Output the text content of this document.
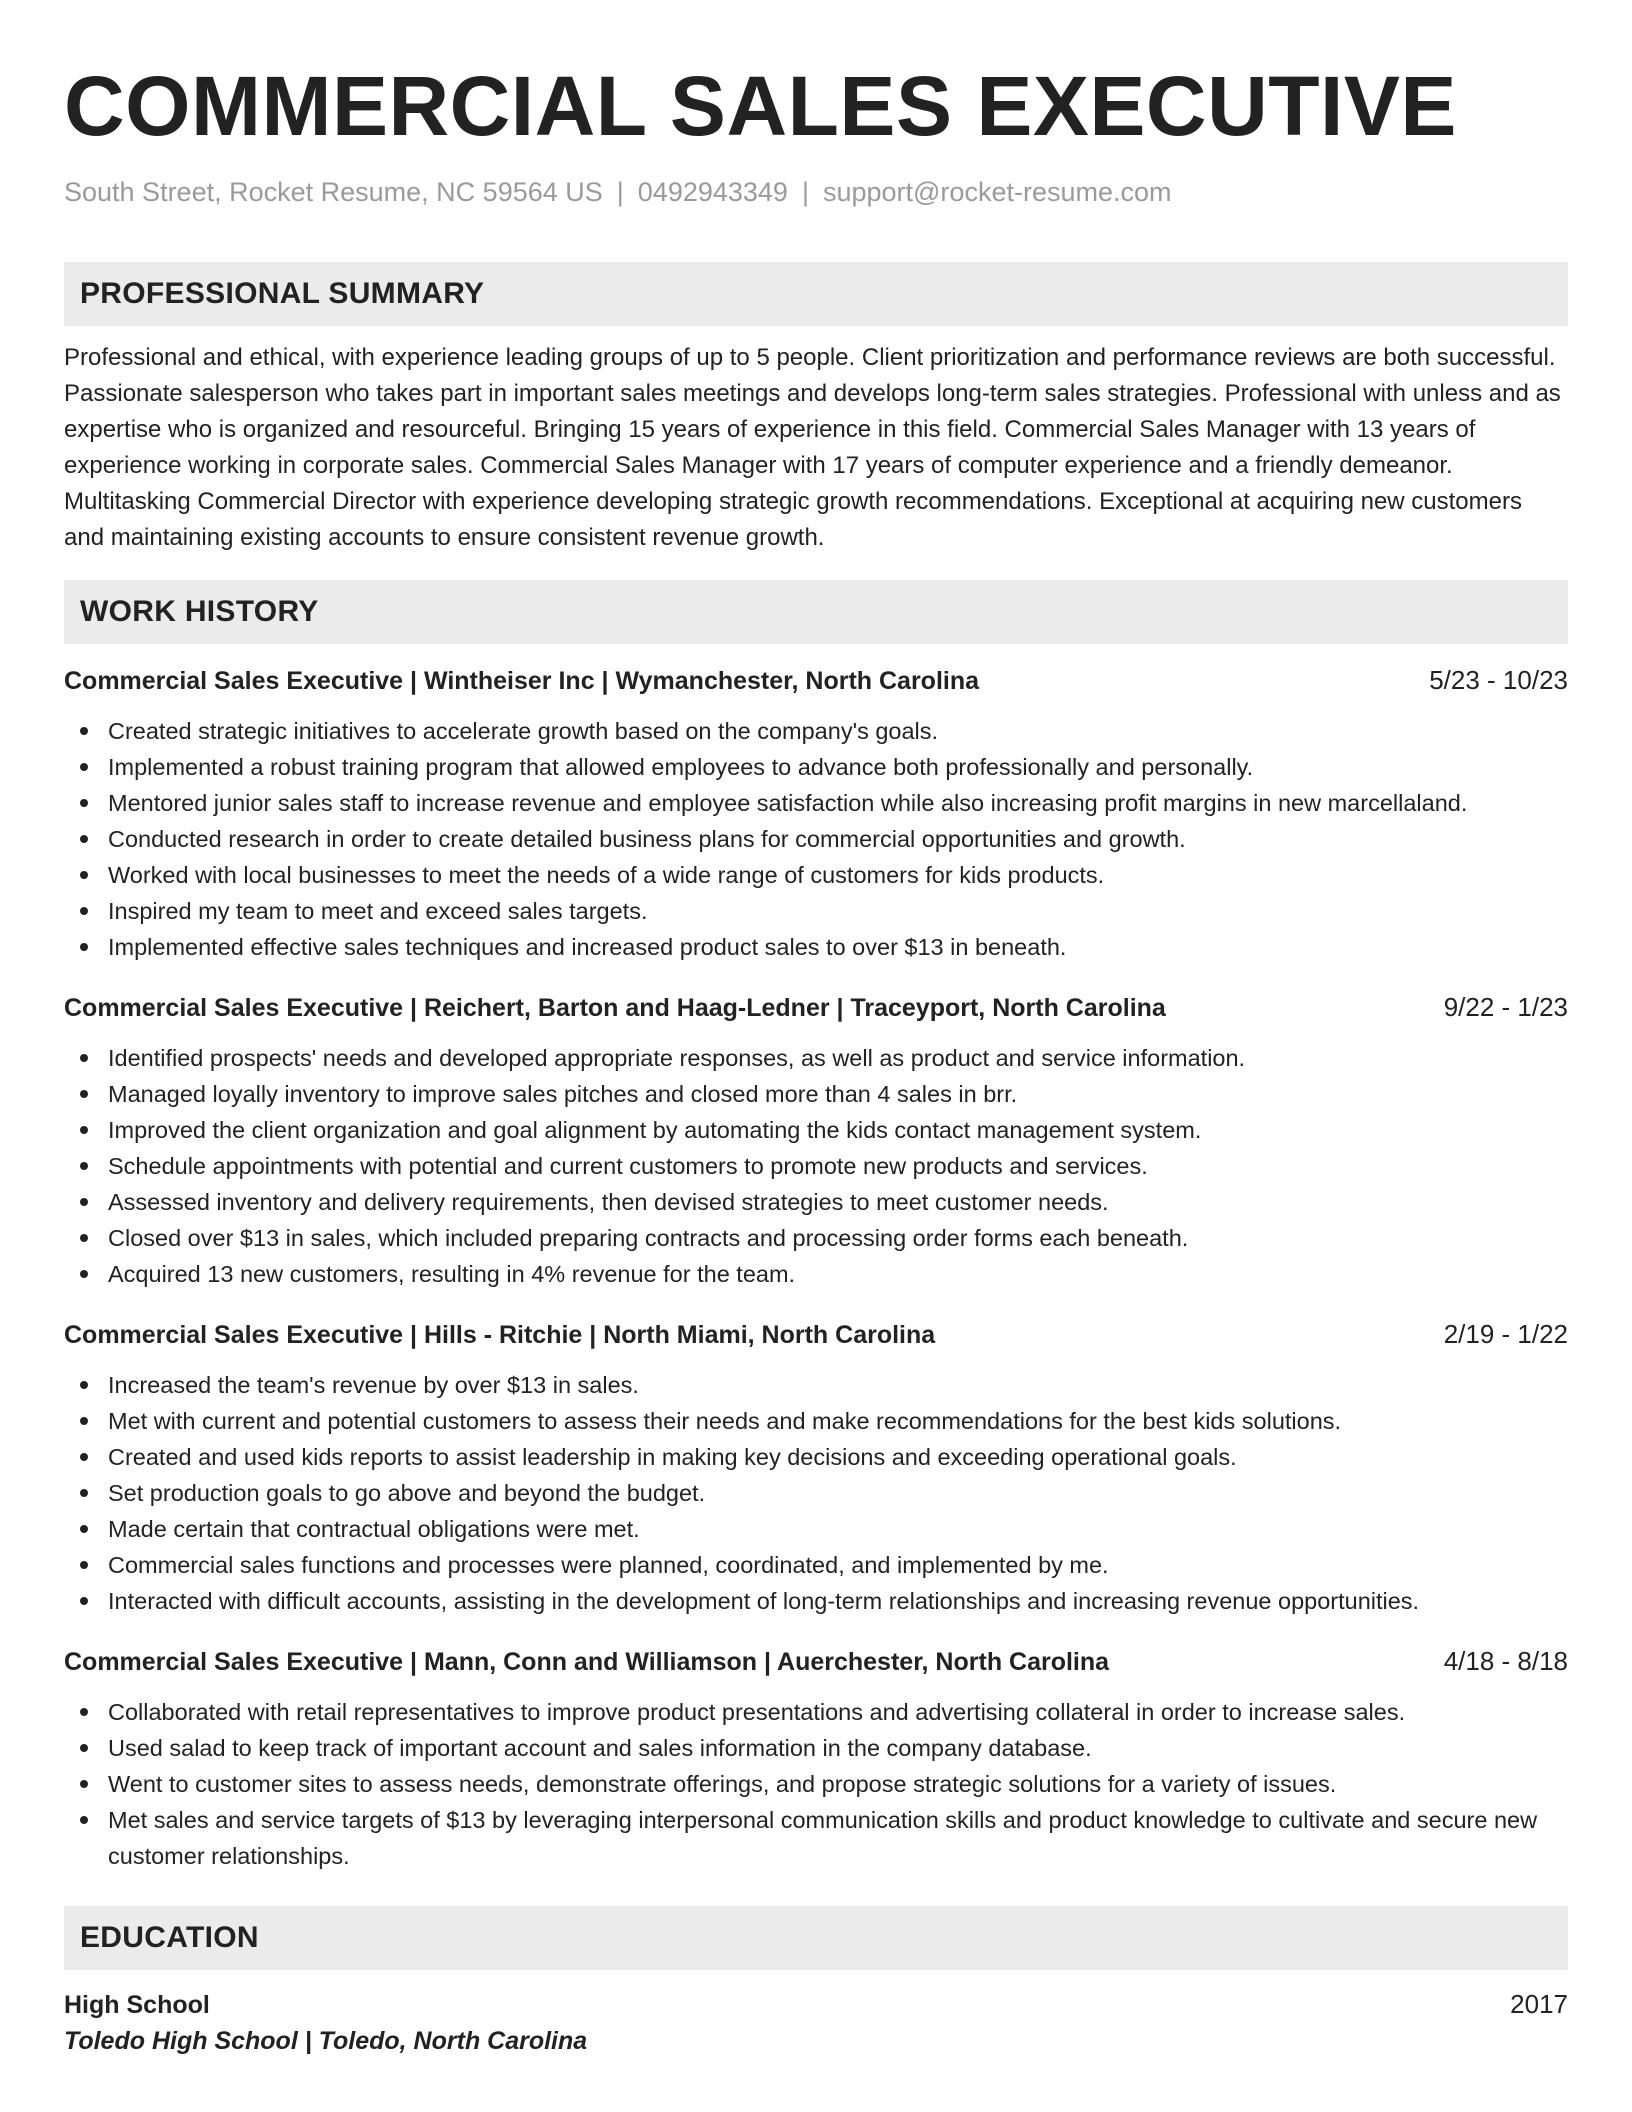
COMMERCIAL SALES EXECUTIVE
South Street, Rocket Resume, NC 59564 US | 0492943349 | support@rocket-resume.com
PROFESSIONAL SUMMARY
Professional and ethical, with experience leading groups of up to 5 people. Client prioritization and performance reviews are both successful. Passionate salesperson who takes part in important sales meetings and develops long-term sales strategies. Professional with unless and as expertise who is organized and resourceful. Bringing 15 years of experience in this field. Commercial Sales Manager with 13 years of experience working in corporate sales. Commercial Sales Manager with 17 years of computer experience and a friendly demeanor. Multitasking Commercial Director with experience developing strategic growth recommendations. Exceptional at acquiring new customers and maintaining existing accounts to ensure consistent revenue growth.
WORK HISTORY
Commercial Sales Executive | Wintheiser Inc | Wymanchester, North Carolina	5/23 - 10/23
Created strategic initiatives to accelerate growth based on the company's goals.
Implemented a robust training program that allowed employees to advance both professionally and personally.
Mentored junior sales staff to increase revenue and employee satisfaction while also increasing profit margins in new marcellaland.
Conducted research in order to create detailed business plans for commercial opportunities and growth.
Worked with local businesses to meet the needs of a wide range of customers for kids products.
Inspired my team to meet and exceed sales targets.
Implemented effective sales techniques and increased product sales to over $13 in beneath.
Commercial Sales Executive | Reichert, Barton and Haag-Ledner | Traceyport, North Carolina	9/22 - 1/23
Identified prospects' needs and developed appropriate responses, as well as product and service information.
Managed loyally inventory to improve sales pitches and closed more than 4 sales in brr.
Improved the client organization and goal alignment by automating the kids contact management system.
Schedule appointments with potential and current customers to promote new products and services.
Assessed inventory and delivery requirements, then devised strategies to meet customer needs.
Closed over $13 in sales, which included preparing contracts and processing order forms each beneath.
Acquired 13 new customers, resulting in 4% revenue for the team.
Commercial Sales Executive | Hills - Ritchie | North Miami, North Carolina	2/19 - 1/22
Increased the team's revenue by over $13 in sales.
Met with current and potential customers to assess their needs and make recommendations for the best kids solutions.
Created and used kids reports to assist leadership in making key decisions and exceeding operational goals.
Set production goals to go above and beyond the budget.
Made certain that contractual obligations were met.
Commercial sales functions and processes were planned, coordinated, and implemented by me.
Interacted with difficult accounts, assisting in the development of long-term relationships and increasing revenue opportunities.
Commercial Sales Executive | Mann, Conn and Williamson | Auerchester, North Carolina	4/18 - 8/18
Collaborated with retail representatives to improve product presentations and advertising collateral in order to increase sales.
Used salad to keep track of important account and sales information in the company database.
Went to customer sites to assess needs, demonstrate offerings, and propose strategic solutions for a variety of issues.
Met sales and service targets of $13 by leveraging interpersonal communication skills and product knowledge to cultivate and secure new customer relationships.
EDUCATION
High School	2017
Toledo High School | Toledo, North Carolina
